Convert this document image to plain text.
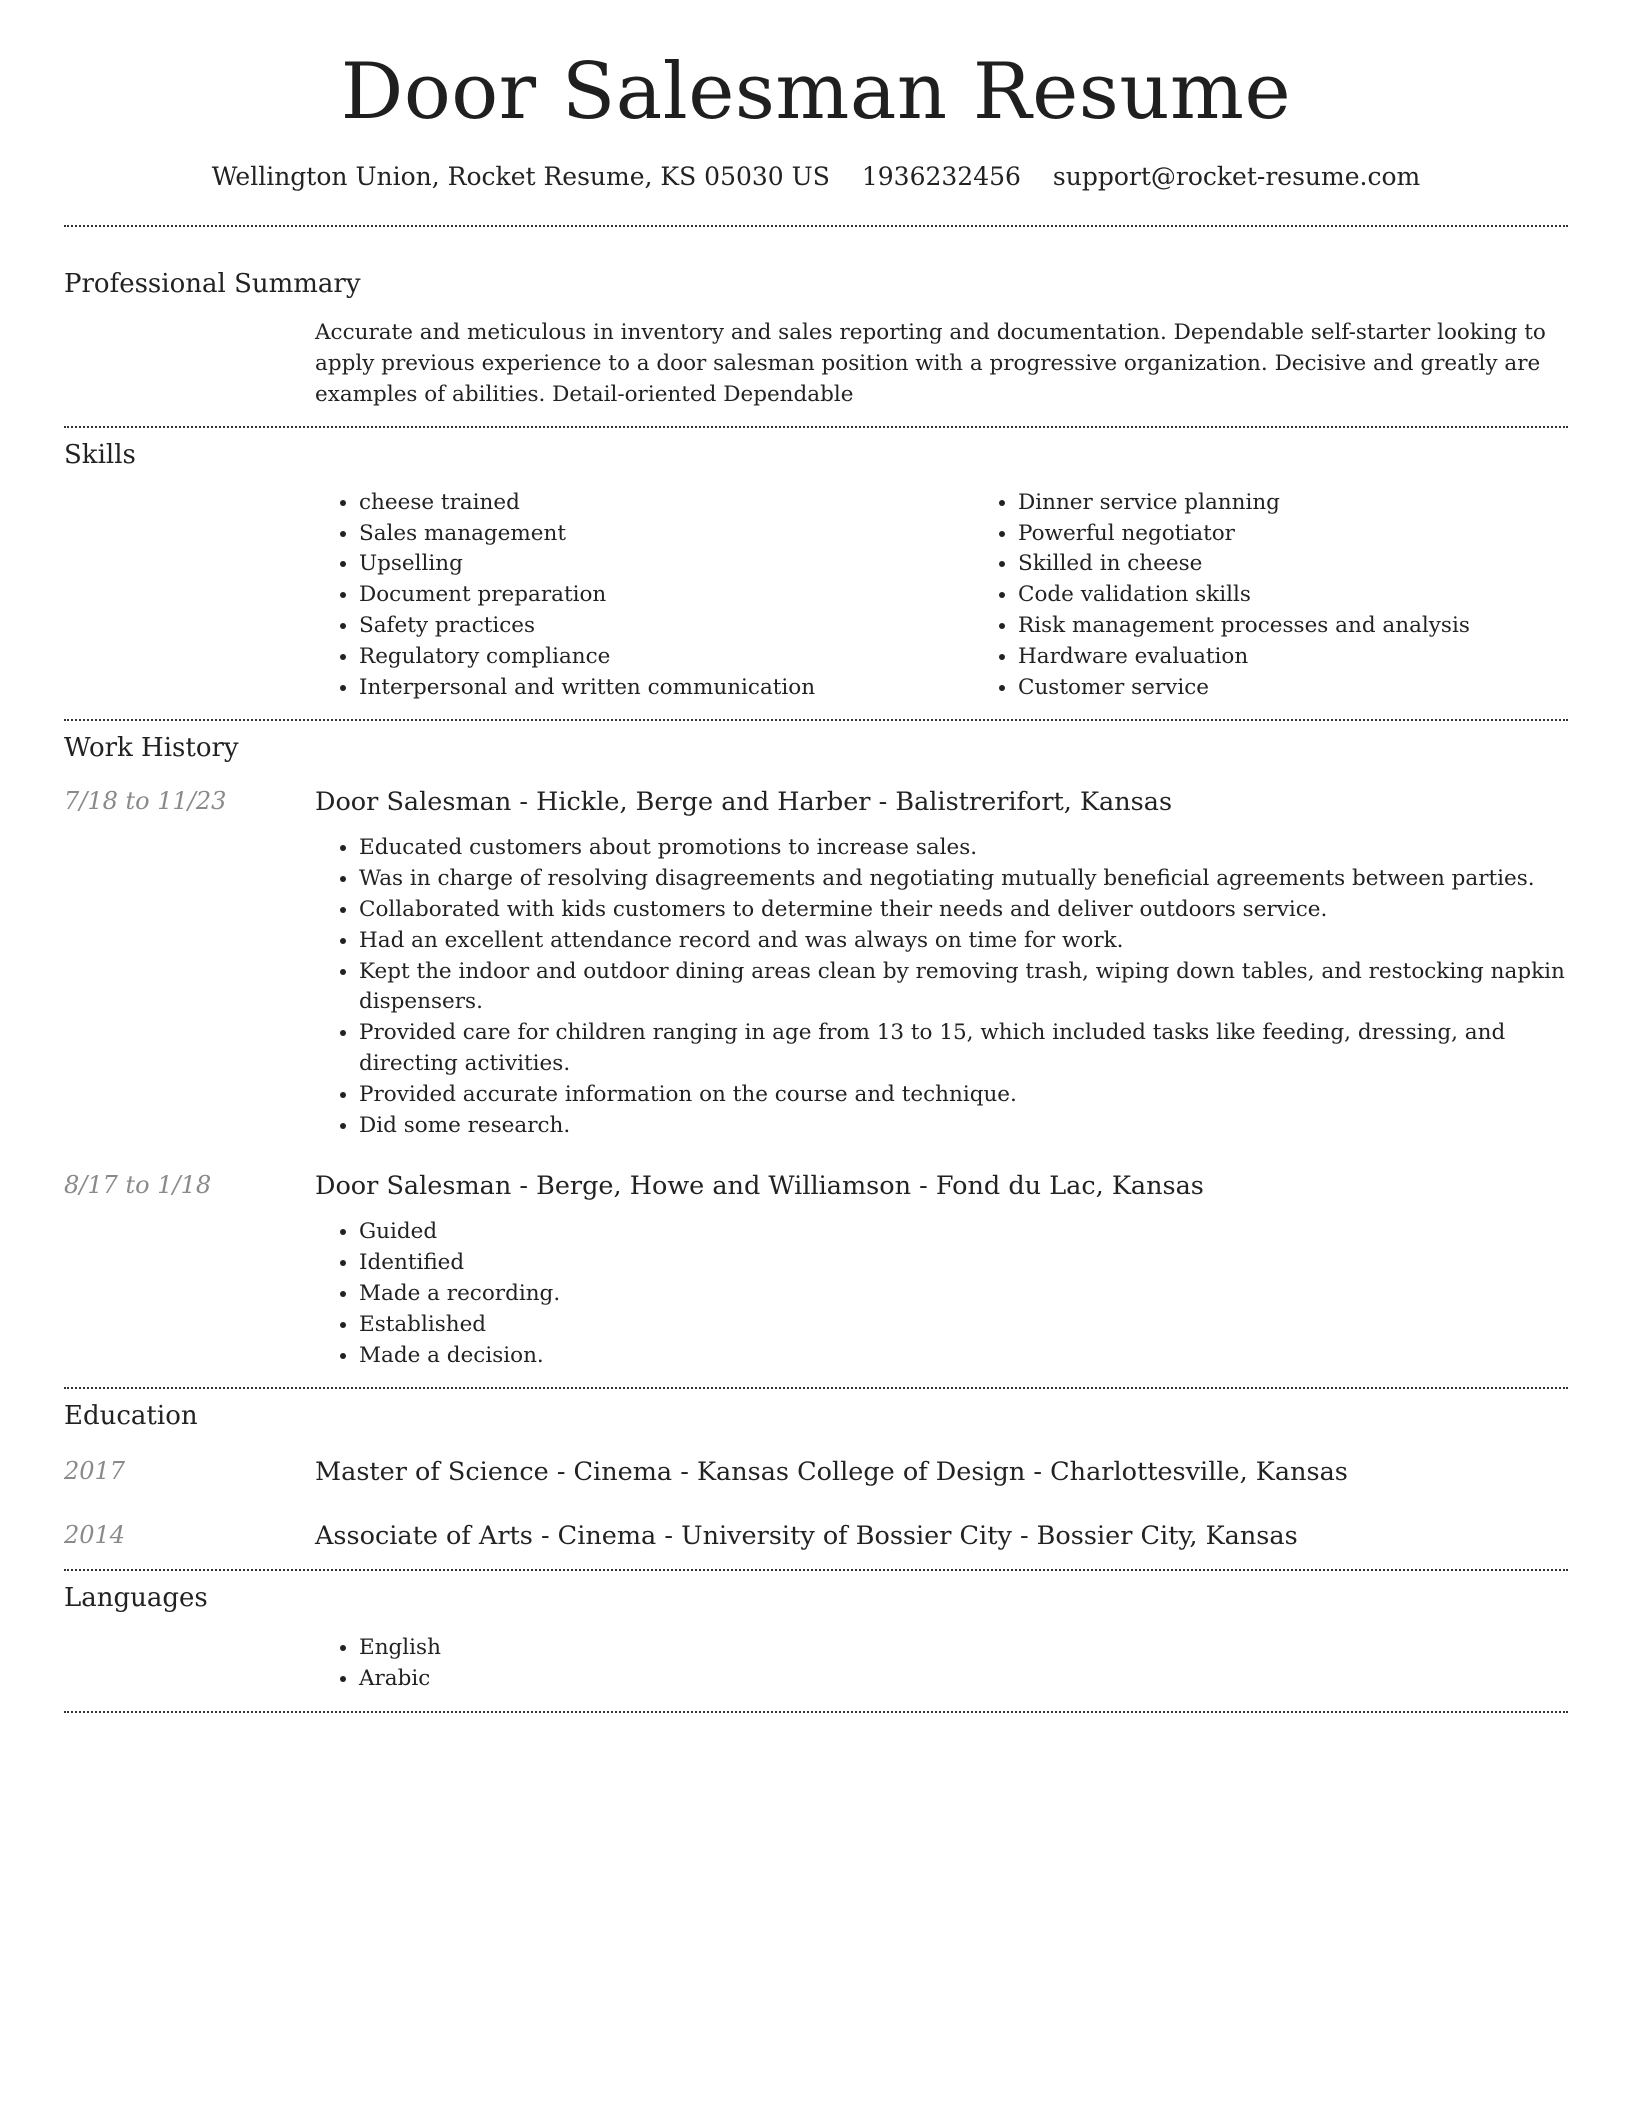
Door Salesman Resume
Wellington Union, Rocket Resume, KS 05030 US 1936232456 support@rocket-resume.com
Professional Summary
Accurate and meticulous in inventory and sales reporting and documentation. Dependable self-starter looking to apply previous experience to a door salesman position with a progressive organization. Decisive and greatly are examples of abilities. Detail-oriented Dependable
Skills
• cheese trained
• Sales management
• Upselling
• Document preparation
• Safety practices
• Regulatory compliance
• Interpersonal and written communication
• Dinner service planning
• Powerful negotiator
• Skilled in cheese
• Code validation skills
• Risk management processes and analysis
• Hardware evaluation
• Customer service
Work History
7/18 to 11/23	Door Salesman - Hickle, Berge and Harber - Balistrerifort, Kansas
• Educated customers about promotions to increase sales.
• Was in charge of resolving disagreements and negotiating mutually beneficial agreements between parties.
• Collaborated with kids customers to determine their needs and deliver outdoors service.
• Had an excellent attendance record and was always on time for work.
• Kept the indoor and outdoor dining areas clean by removing trash, wiping down tables, and restocking napkin dispensers.
• Provided care for children ranging in age from 13 to 15, which included tasks like feeding, dressing, and directing activities.
• Provided accurate information on the course and technique.
• Did some research.
8/17 to 1/18	Door Salesman - Berge, Howe and Williamson - Fond du Lac, Kansas
• Guided
• Identified
• Made a recording.
• Established
• Made a decision.
Education
2017	Master of Science - Cinema - Kansas College of Design - Charlottesville, Kansas
2014	Associate of Arts - Cinema - University of Bossier City - Bossier City, Kansas
Languages
• English
• Arabic
